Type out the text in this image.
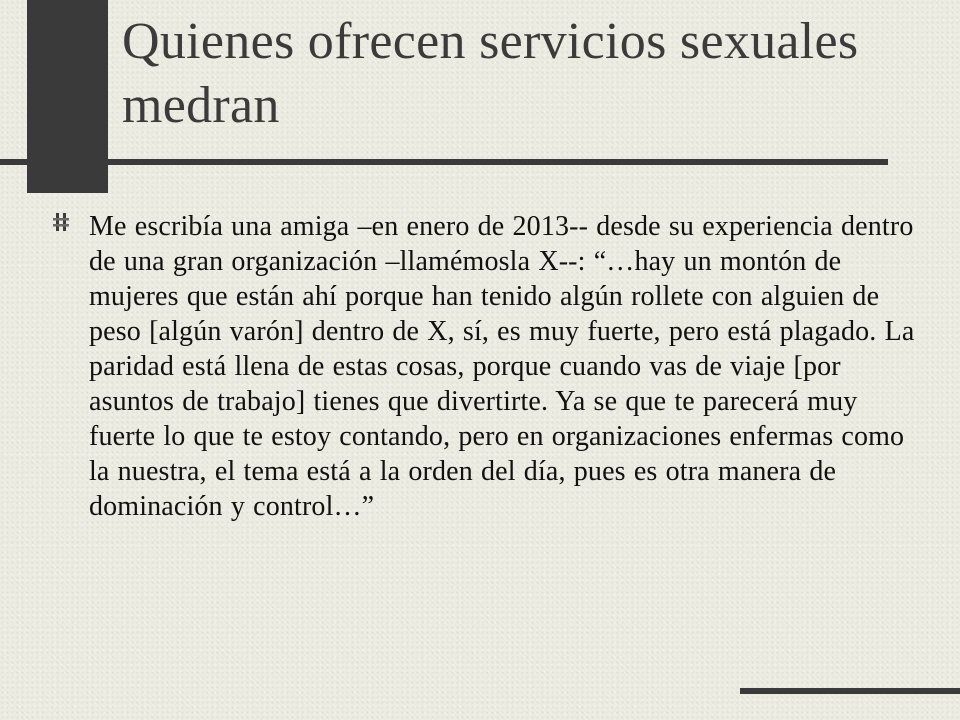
Quienes ofrecen servicios sexuales medran

Me escribía una amiga –en enero de 2013-- desde su experiencia dentro de una gran organización –llamémosla X--: “…hay un montón de mujeres que están ahí porque han tenido algún rollete con alguien de peso [algún varón] dentro de X, sí, es muy fuerte, pero está plagado. La paridad está llena de estas cosas, porque cuando vas de viaje [por asuntos de trabajo] tienes que divertirte. Ya se que te parecerá muy fuerte lo que te estoy contando, pero en organizaciones enfermas como la nuestra, el tema está a la orden del día, pues es otra manera de dominación y control…”
